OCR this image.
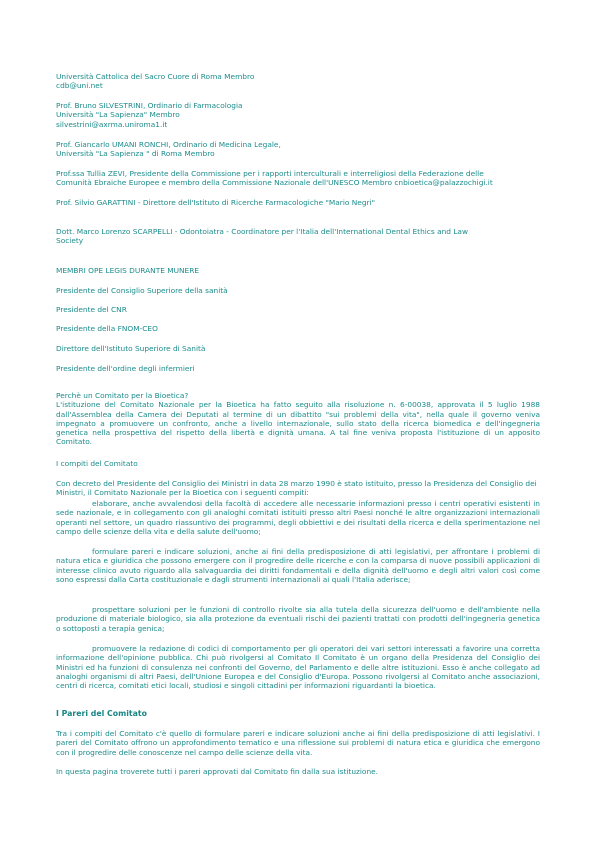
Università Cattolica del Sacro Cuore di Roma Membro

cdb@uni.net

Prof. Bruno SILVESTRINI, Ordinario di Farmacologia

Università "La Sapienza" Membro

silvestrini@axrma.uniroma1.it

Prof. Giancarlo UMANI RONCHI, Ordinario di Medicina Legale,

Università "La Sapienza " di Roma Membro

Prof.ssa Tullia ZEVI, Presidente della Commissione per i rapporti interculturali e interreligiosi della Federazione delle

Comunità Ebraiche Europee e membro della Commissione Nazionale dell'UNESCO Membro cnbioetica@palazzochigi.it

Prof. Silvio GARATTINI - Direttore dell'Istituto di Ricerche Farmacologiche "Mario Negri"

Dott. Marco Lorenzo SCARPELLI - Odontoiatra - Coordinatore per l'Italia dell'International Dental Ethics and Law

Society

MEMBRI OPE LEGIS DURANTE MUNERE

Presidente del Consiglio Superiore della sanità

Presidente del CNR

Presidente della FNOM-CEO

Direttore dell'Istituto Superiore di Sanità

Presidente dell'ordine degli infermieri

Perchè un Comitato per la Bioetica?

L'istituzione del Comitato Nazionale per la Bioetica ha fatto seguito alla risoluzione n. 6-00038, approvata il 5 luglio 1988 dall'Assemblea della Camera dei Deputati al termine di un dibattito "sui problemi della vita", nella quale il governo veniva impegnato a promuovere un confronto, anche a livello internazionale, sullo stato della ricerca biomedica e dell'ingegneria genetica nella prospettiva del rispetto della libertà e dignità umana. A tal fine veniva proposta l'istituzione di un apposito Comitato.

I compiti del Comitato

Con decreto del Presidente del Consiglio dei Ministri in data 28 marzo 1990 è stato istituito, presso la Presidenza del Consiglio dei Ministri, il Comitato Nazionale per la Bioetica con i seguenti compiti:

elaborare, anche avvalendosi della facoltà di accedere alle necessarie informazioni presso i centri operativi esistenti in sede nazionale, e in collegamento con gli analoghi comitati istituiti presso altri Paesi nonché le altre organizzazioni internazionali operanti nel settore, un quadro riassuntivo dei programmi, degli obbiettivi e dei risultati della ricerca e della sperimentazione nel campo delle scienze della vita e della salute dell'uomo;

formulare pareri e indicare soluzioni, anche ai fini della predisposizione di atti legislativi, per affrontare i problemi di natura etica e giuridica che possono emergere con il progredire delle ricerche e con la comparsa di nuove possibili applicazioni di interesse clinico avuto riguardo alla salvaguardia dei diritti fondamentali e della dignità dell'uomo e degli altri valori così come sono espressi dalla Carta costituzionale e dagli strumenti internazionali ai quali l'Italia aderisce;

prospettare soluzioni per le funzioni di controllo rivolte sia alla tutela della sicurezza dell'uomo e dell'ambiente nella produzione di materiale biologico, sia alla protezione da eventuali rischi dei pazienti trattati con prodotti dell'ingegneria genetica o sottoposti a terapia genica;

promuovere la redazione di codici di comportamento per gli operatori dei vari settori interessati a favorire una corretta informazione dell'opinione pubblica. Chi può rivolgersi al Comitato Il Comitato è un organo della Presidenza del Consiglio dei Ministri ed ha funzioni di consulenza nei confronti del Governo, del Parlamento e delle altre istituzioni. Esso è anche collegato ad analoghi organismi di altri Paesi, dell'Unione Europea e del Consiglio d'Europa. Possono rivolgersi al Comitato anche associazioni, centri di ricerca, comitati etici locali, studiosi e singoli cittadini per informazioni riguardanti la bioetica.

I Pareri del Comitato

Tra i compiti del Comitato c'è quello di formulare pareri e indicare soluzioni anche ai fini della predisposizione di atti legislativi. I pareri del Comitato offrono un approfondimento tematico e una riflessione sui problemi di natura etica e giuridica che emergono con il progredire delle conoscenze nel campo delle scienze della vita.

In questa pagina troverete tutti i pareri approvati dal Comitato fin dalla sua istituzione.
